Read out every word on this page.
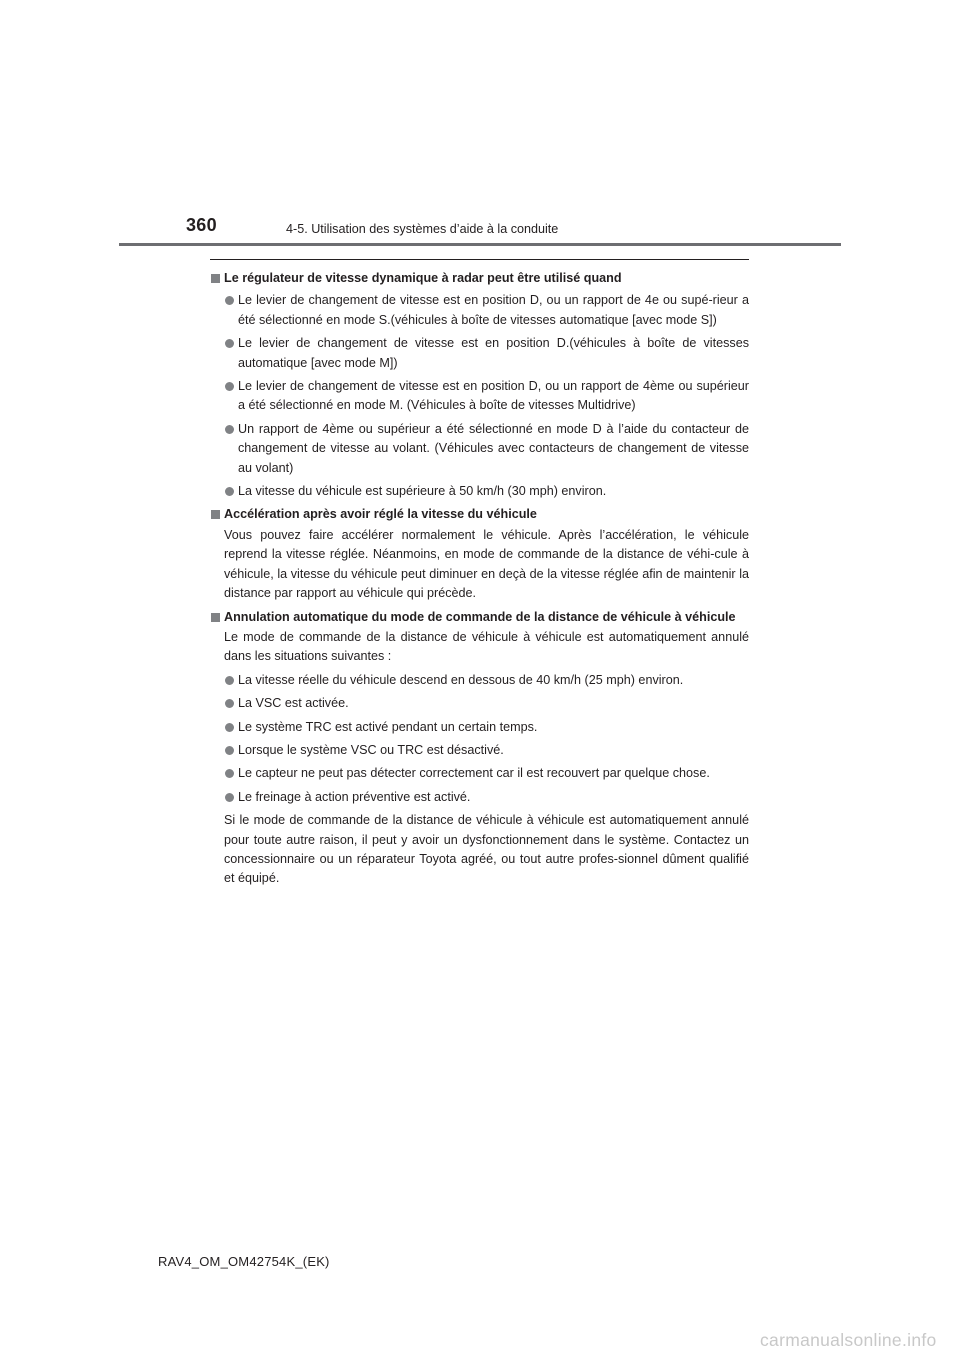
360	4-5. Utilisation des systèmes d’aide à la conduite
Le régulateur de vitesse dynamique à radar peut être utilisé quand
Le levier de changement de vitesse est en position D, ou un rapport de 4e ou supé-rieur a été sélectionné en mode S.(véhicules à boîte de vitesses automatique [avec mode S])
Le levier de changement de vitesse est en position D.(véhicules à boîte de vitesses automatique [avec mode M])
Le levier de changement de vitesse est en position D, ou un rapport de 4ème ou supérieur a été sélectionné en mode M. (Véhicules à boîte de vitesses Multidrive)
Un rapport de 4ème ou supérieur a été sélectionné en mode D à l’aide du contacteur de changement de vitesse au volant. (Véhicules avec contacteurs de changement de vitesse au volant)
La vitesse du véhicule est supérieure à 50 km/h (30 mph) environ.
Accélération après avoir réglé la vitesse du véhicule
Vous pouvez faire accélérer normalement le véhicule. Après l’accélération, le véhicule reprend la vitesse réglée. Néanmoins, en mode de commande de la distance de véhi-cule à véhicule, la vitesse du véhicule peut diminuer en deçà de la vitesse réglée afin de maintenir la distance par rapport au véhicule qui précède.
Annulation automatique du mode de commande de la distance de véhicule à véhicule
Le mode de commande de la distance de véhicule à véhicule est automatiquement annulé dans les situations suivantes :
La vitesse réelle du véhicule descend en dessous de 40 km/h (25 mph) environ.
La VSC est activée.
Le système TRC est activé pendant un certain temps.
Lorsque le système VSC ou TRC est désactivé.
Le capteur ne peut pas détecter correctement car il est recouvert par quelque chose.
Le freinage à action préventive est activé.
Si le mode de commande de la distance de véhicule à véhicule est automatiquement annulé pour toute autre raison, il peut y avoir un dysfonctionnement dans le système. Contactez un concessionnaire ou un réparateur Toyota agréé, ou tout autre profes-sionnel dûment qualifié et équipé.
RAV4_OM_OM42754K_(EK)
carmanualsonline.info
